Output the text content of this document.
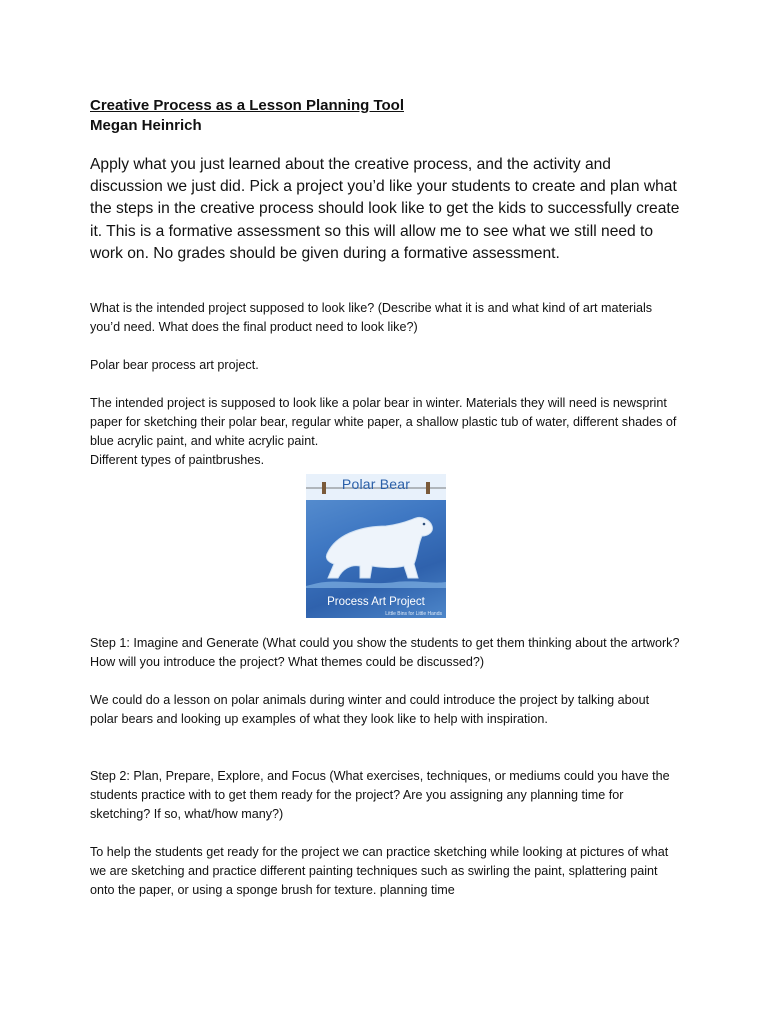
Creative Process as a Lesson Planning Tool

Megan Heinrich

Apply what you just learned about the creative process, and the activity and discussion we just did. Pick a project you’d like your students to create and plan what the steps in the creative process should look like to get the kids to successfully create it. This is a formative assessment so this will allow me to see what we still need to work on. No grades should be given during a formative assessment.

What is the intended project supposed to look like? (Describe what it is and what kind of art materials you’d need. What does the final product need to look like?)

Polar bear process art project.

The intended project is supposed to look like a polar bear in winter. Materials they will need is newsprint paper for sketching their polar bear, regular white paper, a shallow plastic tub of water, different shades of blue acrylic paint, and white acrylic paint.

Different types of paintbrushes.

Polar Bear
Process Art Project
Little Bins for Little Hands

Step 1: Imagine and Generate (What could you show the students to get them thinking about the artwork? How will you introduce the project? What themes could be discussed?)

We could do a lesson on polar animals during winter and could introduce the project by talking about polar bears and looking up examples of what they look like to help with inspiration.

Step 2: Plan, Prepare, Explore, and Focus (What exercises, techniques, or mediums could you have the students practice with to get them ready for the project? Are you assigning any planning time for sketching? If so, what/how many?)

To help the students get ready for the project we can practice sketching while looking at pictures of what we are sketching and practice different painting techniques such as swirling the paint, splattering paint onto the paper, or using a sponge brush for texture. planning time
